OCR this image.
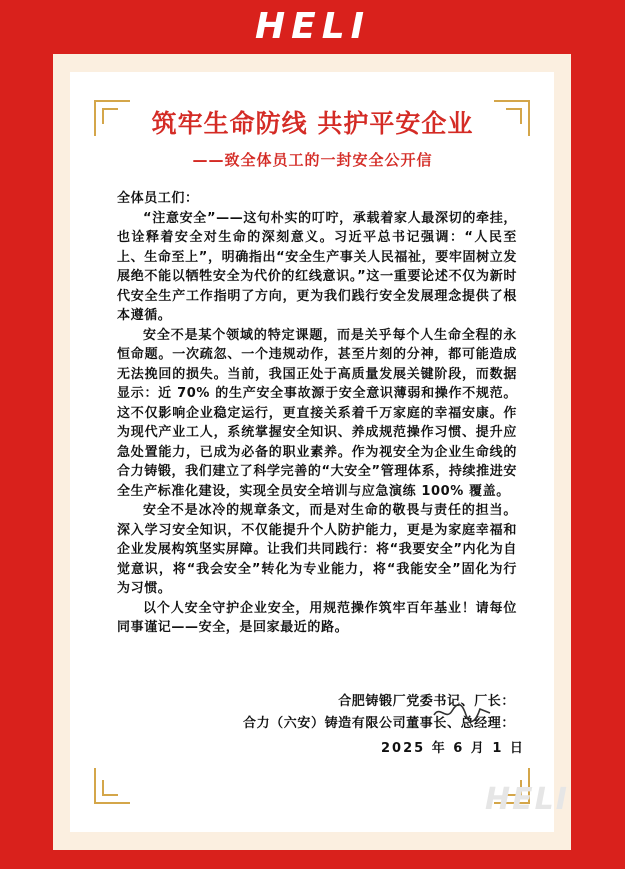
HELI
筑牢生命防线 共护平安企业
——致全体员工的一封安全公开信

全体员工们：

“注意安全”——这句朴实的叮咛，承载着家人最深切的牵挂，也诠释着安全对生命的深刻意义。习近平总书记强调：“人民至上、生命至上”，明确指出“安全生产事关人民福祉，要牢固树立发展绝不能以牺牲安全为代价的红线意识。”这一重要论述不仅为新时代安全生产工作指明了方向，更为我们践行安全发展理念提供了根本遵循。

安全不是某个领域的特定课题，而是关乎每个人生命全程的永恒命题。一次疏忽、一个违规动作，甚至片刻的分神，都可能造成无法挽回的损失。当前，我国正处于高质量发展关键阶段，而数据显示：近 70% 的生产安全事故源于安全意识薄弱和操作不规范。这不仅影响企业稳定运行，更直接关系着千万家庭的幸福安康。作为现代产业工人，系统掌握安全知识、养成规范操作习惯、提升应急处置能力，已成为必备的职业素养。作为视安全为企业生命线的合力铸锻，我们建立了科学完善的“大安全”管理体系，持续推进安全生产标准化建设，实现全员安全培训与应急演练 100% 覆盖。

安全不是冰冷的规章条文，而是对生命的敬畏与责任的担当。深入学习安全知识，不仅能提升个人防护能力，更是为家庭幸福和企业发展构筑坚实屏障。让我们共同践行：将“我要安全”内化为自觉意识，将“我会安全”转化为专业能力，将“我能安全”固化为行为习惯。

以个人安全守护企业安全，用规范操作筑牢百年基业！请每位同事谨记——安全，是回家最近的路。

合肥铸锻厂党委书记、厂长：
合力（六安）铸造有限公司董事长、总经理：
2025 年 6 月 1 日
HELI
